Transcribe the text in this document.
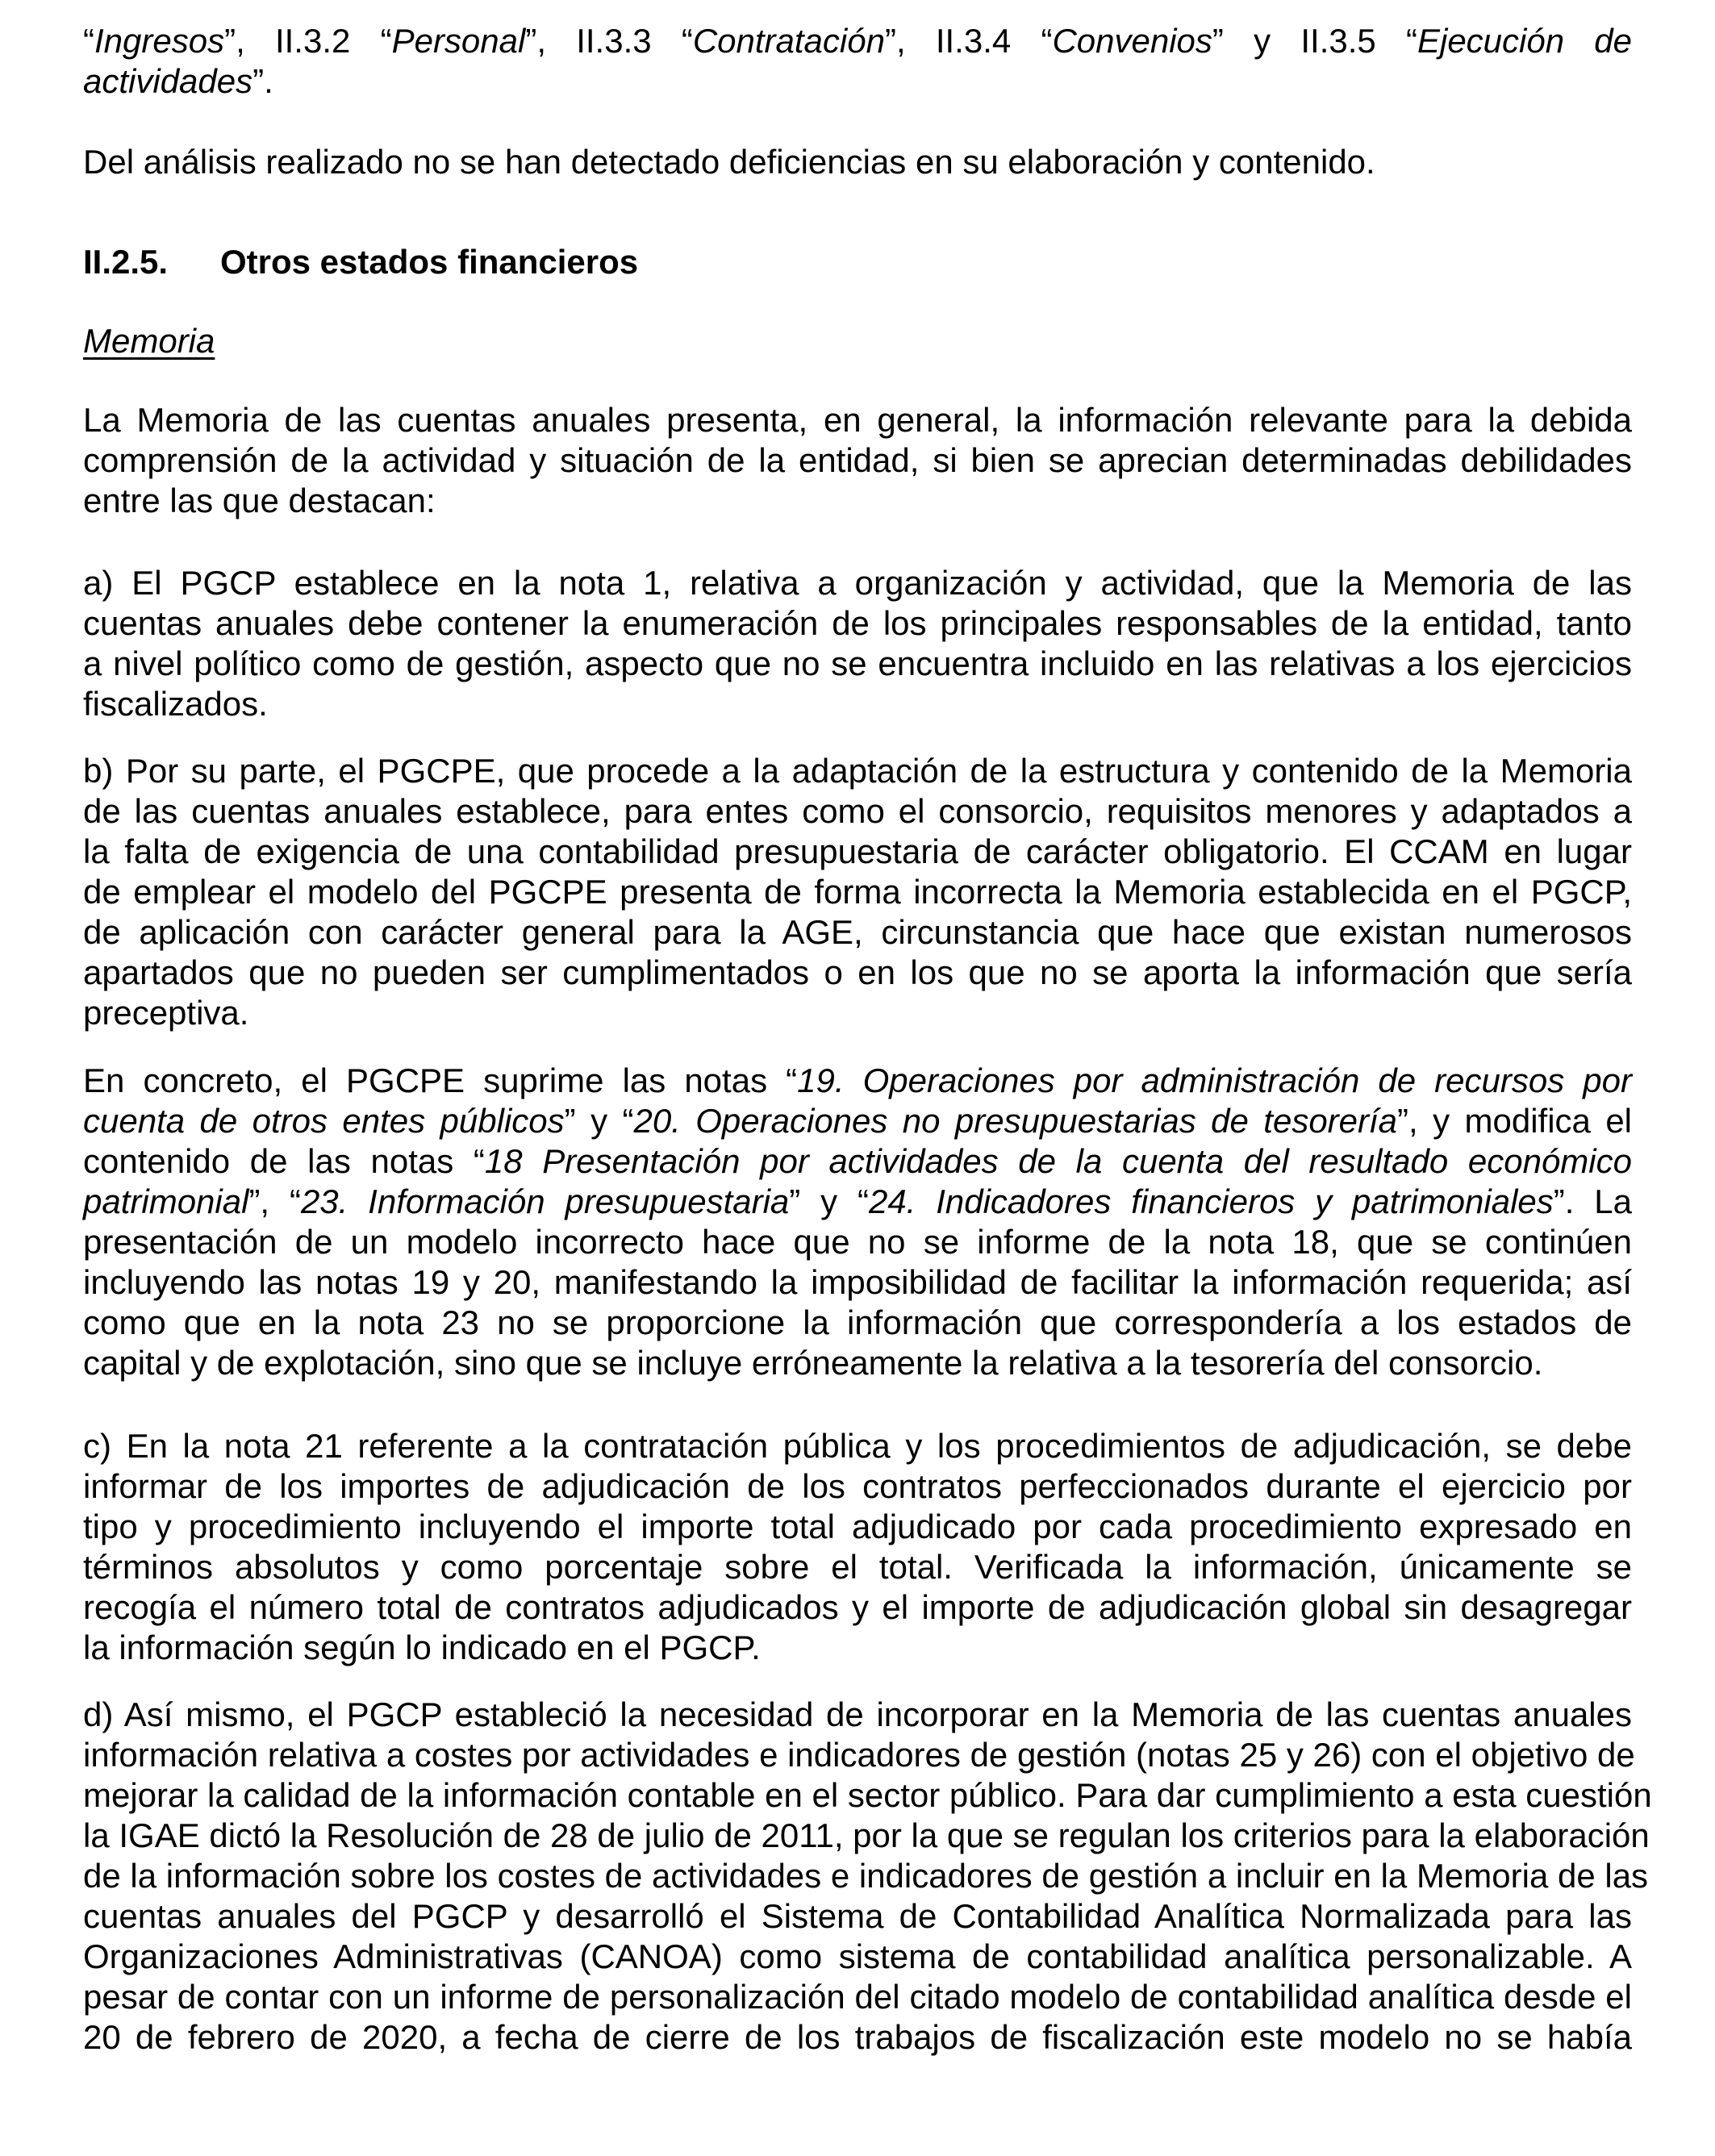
“Ingresos”, II.3.2 “Personal”, II.3.3 “Contratación”, II.3.4 “Convenios” y II.3.5 “Ejecución de
actividades”.
Del análisis realizado no se han detectado deficiencias en su elaboración y contenido.
II.2.5. Otros estados financieros
Memoria
La Memoria de las cuentas anuales presenta, en general, la información relevante para la debida
comprensión de la actividad y situación de la entidad, si bien se aprecian determinadas debilidades
entre las que destacan:
a) El PGCP establece en la nota 1, relativa a organización y actividad, que la Memoria de las
cuentas anuales debe contener la enumeración de los principales responsables de la entidad, tanto
a nivel político como de gestión, aspecto que no se encuentra incluido en las relativas a los ejercicios
fiscalizados.
b) Por su parte, el PGCPE, que procede a la adaptación de la estructura y contenido de la Memoria
de las cuentas anuales establece, para entes como el consorcio, requisitos menores y adaptados a
la falta de exigencia de una contabilidad presupuestaria de carácter obligatorio. El CCAM en lugar
de emplear el modelo del PGCPE presenta de forma incorrecta la Memoria establecida en el PGCP,
de aplicación con carácter general para la AGE, circunstancia que hace que existan numerosos
apartados que no pueden ser cumplimentados o en los que no se aporta la información que sería
preceptiva.
En concreto, el PGCPE suprime las notas “19. Operaciones por administración de recursos por
cuenta de otros entes públicos” y “20. Operaciones no presupuestarias de tesorería”, y modifica el
contenido de las notas “18 Presentación por actividades de la cuenta del resultado económico
patrimonial”, “23. Información presupuestaria” y “24. Indicadores financieros y patrimoniales”. La
presentación de un modelo incorrecto hace que no se informe de la nota 18, que se continúen
incluyendo las notas 19 y 20, manifestando la imposibilidad de facilitar la información requerida; así
como que en la nota 23 no se proporcione la información que correspondería a los estados de
capital y de explotación, sino que se incluye erróneamente la relativa a la tesorería del consorcio.
c) En la nota 21 referente a la contratación pública y los procedimientos de adjudicación, se debe
informar de los importes de adjudicación de los contratos perfeccionados durante el ejercicio por
tipo y procedimiento incluyendo el importe total adjudicado por cada procedimiento expresado en
términos absolutos y como porcentaje sobre el total. Verificada la información, únicamente se
recogía el número total de contratos adjudicados y el importe de adjudicación global sin desagregar
la información según lo indicado en el PGCP.
d) Así mismo, el PGCP estableció la necesidad de incorporar en la Memoria de las cuentas anuales
información relativa a costes por actividades e indicadores de gestión (notas 25 y 26) con el objetivo de
mejorar la calidad de la información contable en el sector público. Para dar cumplimiento a esta cuestión
la IGAE dictó la Resolución de 28 de julio de 2011, por la que se regulan los criterios para la elaboración
de la información sobre los costes de actividades e indicadores de gestión a incluir en la Memoria de las
cuentas anuales del PGCP y desarrolló el Sistema de Contabilidad Analítica Normalizada para las
Organizaciones Administrativas (CANOA) como sistema de contabilidad analítica personalizable. A
pesar de contar con un informe de personalización del citado modelo de contabilidad analítica desde el
20 de febrero de 2020, a fecha de cierre de los trabajos de fiscalización este modelo no se había
